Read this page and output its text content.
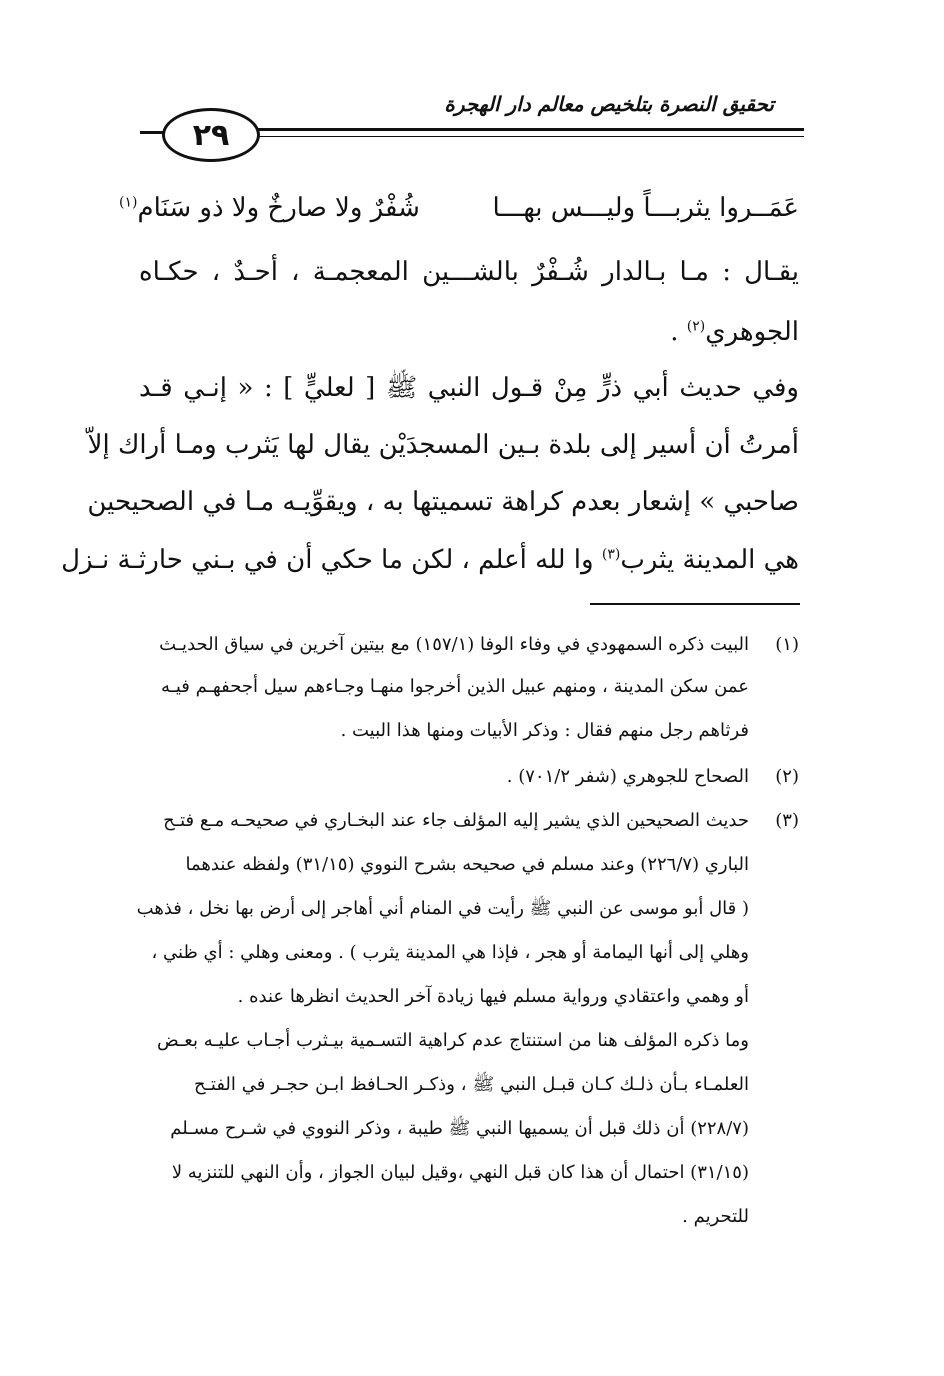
تحقيق النصرة بتلخيص معالم دار الهجرة
٢٩
عَمَــروا يثربـــاً وليـــس بهـــا
شُفْرٌ ولا صارخٌ ولا ذو سَنَام$^{(١)}$
يقـال : مـا بـالدار شُـفْرٌ بالشـــين المعجمـة ، أحـدٌ ، حكـاه
الجوهري$^{(٢)}$ .
وفي حديث أبي ذرٍّ مِنْ قـول النبي ﷺ [ لعليٍّ ] : « إنـي قـد
أمرتُ أن أسير إلى بلدة بـين المسجدَيْن يقال لها يَثرب ومـا أراك إلاّ
صاحبي » إشعار بعدم كراهة تسميتها به ، ويقوِّيـه مـا في الصحيحين
هي المدينة يثرب$^{(٣)}$ وا لله أعلم ، لكن ما حكي أن في بـني حارثـة نـزل
(١)
البيت ذكره السمهودي في وفاء الوفا (١٥٧/١) مع بيتين آخرين في سياق الحديـث
عمن سكن المدينة ، ومنهم عبيل الذين أخرجوا منهـا وجـاءهم سيل أجحفهـم فيـه
فرثاهم رجل منهم فقال : وذكر الأبيات ومنها هذا البيت .
(٢)
الصحاح للجوهري (شفر ٧٠١/٢) .
(٣)
حديث الصحيحين الذي يشير إليه المؤلف جاء عند البخـاري في صحيحـه مـع فتـح
الباري (٢٢٦/٧) وعند مسلم في صحيحه بشرح النووي (٣١/١٥) ولفظه عندهما
( قال أبو موسى عن النبي ﷺ رأيت في المنام أني أهاجر إلى أرض بها نخل ، فذهب
وهلي إلى أنها اليمامة أو هجر ، فإذا هي المدينة يثرب ) . ومعنى وهلي : أي ظني ،
أو وهمي واعتقادي ورواية مسلم فيها زيادة آخر الحديث انظرها عنده .
وما ذكره المؤلف هنا من استنتاج عدم كراهية التسـمية بيـثرب أجـاب عليـه بعـض
العلمـاء بـأن ذلـك كـان قبـل النبي ﷺ ، وذكـر الحـافظ ابـن حجـر في الفتـح
(٢٢٨/٧) أن ذلك قبل أن يسميها النبي ﷺ طيبة ، وذكر النووي في شـرح مسـلم
(٣١/١٥) احتمال أن هذا كان قبل النهي ،وقيل لبيان الجواز ، وأن النهي للتنزيه لا
للتحريم .
